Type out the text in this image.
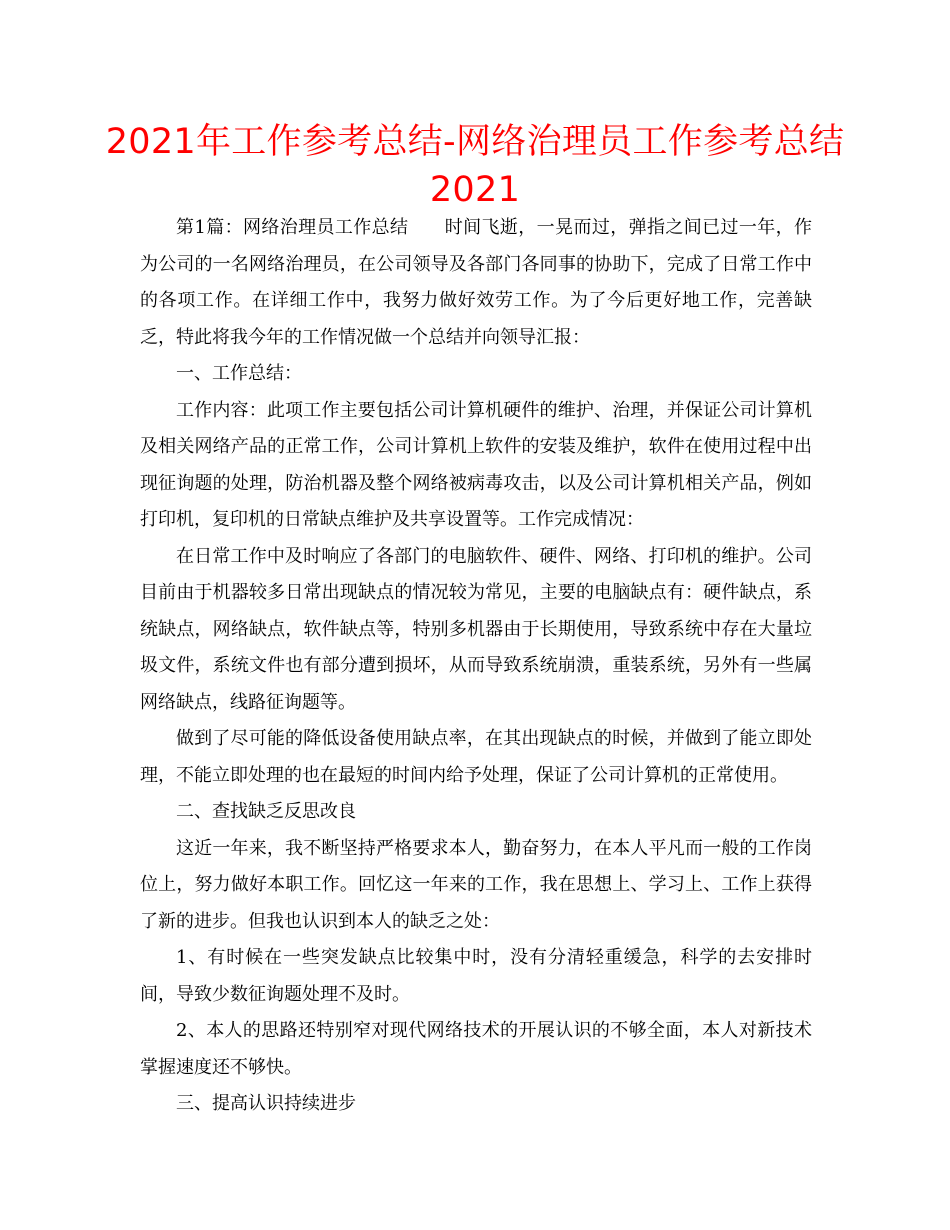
2021年工作参考总结-网络治理员工作参考总结2021

第1篇：网络治理员工作总结 时间飞逝，一晃而过，弹指之间已过一年，作为公司的一名网络治理员，在公司领导及各部门各同事的协助下，完成了日常工作中的各项工作。在详细工作中，我努力做好效劳工作。为了今后更好地工作，完善缺乏，特此将我今年的工作情况做一个总结并向领导汇报：

一、工作总结：

工作内容：此项工作主要包括公司计算机硬件的维护、治理，并保证公司计算机及相关网络产品的正常工作，公司计算机上软件的安装及维护，软件在使用过程中出现征询题的处理，防治机器及整个网络被病毒攻击，以及公司计算机相关产品，例如打印机，复印机的日常缺点维护及共享设置等。工作完成情况：

在日常工作中及时响应了各部门的电脑软件、硬件、网络、打印机的维护。公司目前由于机器较多日常出现缺点的情况较为常见，主要的电脑缺点有：硬件缺点，系统缺点，网络缺点，软件缺点等，特别多机器由于长期使用，导致系统中存在大量垃圾文件，系统文件也有部分遭到损坏，从而导致系统崩溃，重装系统，另外有一些属网络缺点，线路征询题等。

做到了尽可能的降低设备使用缺点率，在其出现缺点的时候，并做到了能立即处理，不能立即处理的也在最短的时间内给予处理，保证了公司计算机的正常使用。

二、查找缺乏反思改良

这近一年来，我不断坚持严格要求本人，勤奋努力，在本人平凡而一般的工作岗位上，努力做好本职工作。回忆这一年来的工作，我在思想上、学习上、工作上获得了新的进步。但我也认识到本人的缺乏之处：

1、有时候在一些突发缺点比较集中时，没有分清轻重缓急，科学的去安排时间，导致少数征询题处理不及时。

2、本人的思路还特别窄对现代网络技术的开展认识的不够全面，本人对新技术掌握速度还不够快。

三、提高认识持续进步
